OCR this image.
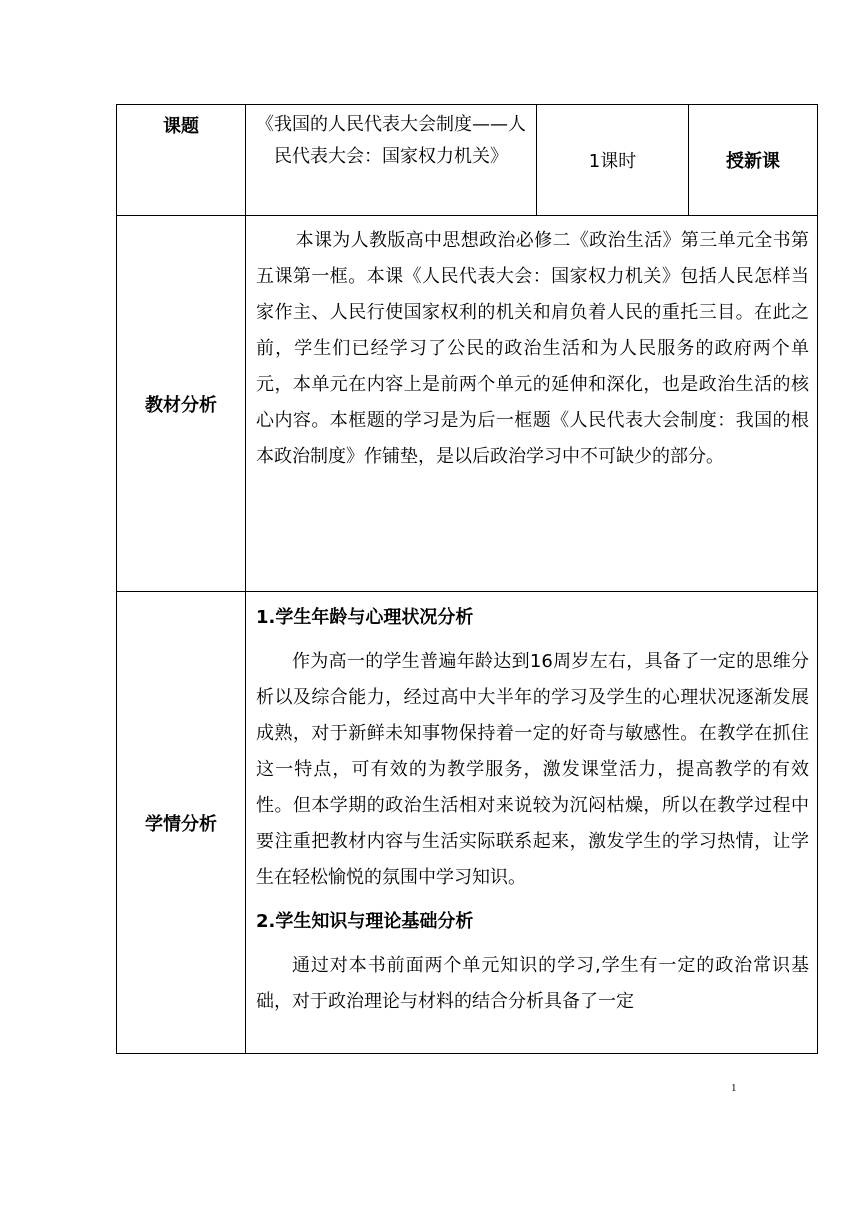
课题	《我国的人民代表大会制度——人民代表大会：国家权力机关》	1课时	授新课
教材分析	本课为人教版高中思想政治必修二《政治生活》第三单元全书第五课第一框。本课《人民代表大会：国家权力机关》包括人民怎样当家作主、人民行使国家权利的机关和肩负着人民的重托三目。在此之前，学生们已经学习了公民的政治生活和为人民服务的政府两个单元，本单元在内容上是前两个单元的延伸和深化，也是政治生活的核心内容。本框题的学习是为后一框题《人民代表大会制度：我国的根本政治制度》作铺垫，是以后政治学习中不可缺少的部分。		

学情分析	1.学生年龄与心理状况分析

作为高一的学生普遍年龄达到16周岁左右，具备了一定的思维分析以及综合能力，经过高中大半年的学习及学生的心理状况逐渐发展成熟，对于新鲜未知事物保持着一定的好奇与敏感性。在教学在抓住这一特点，可有效的为教学服务，激发课堂活力，提高教学的有效性。但本学期的政治生活相对来说较为沉闷枯燥，所以在教学过程中要注重把教材内容与生活实际联系起来，激发学生的学习热情，让学生在轻松愉悦的氛围中学习知识。

2.学生知识与理论基础分析

通过对本书前面两个单元知识的学习,学生有一定的政治常识基础，对于政治理论与材料的结合分析具备了一定		

1
